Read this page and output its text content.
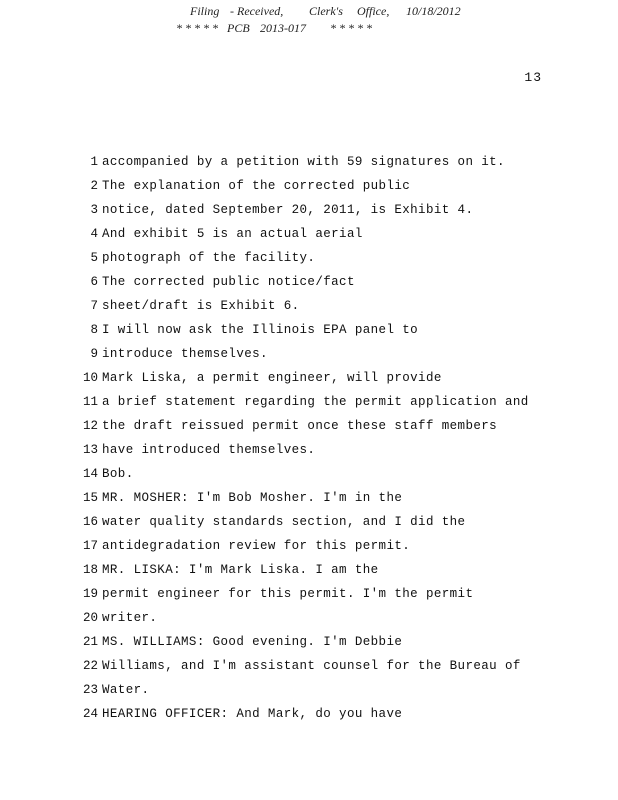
Filing - Received, Clerk's Office, 10/18/2012
* * * * * PCB 2013-017 * * * * *
13
1 accompanied by a petition with 59 signatures on it.
2 The explanation of the corrected public
3 notice, dated September 20, 2011, is Exhibit 4.
4 And exhibit 5 is an actual aerial
5 photograph of the facility.
6 The corrected public notice/fact
7 sheet/draft is Exhibit 6.
8 I will now ask the Illinois EPA panel to
9 introduce themselves.
10 Mark Liska, a permit engineer, will provide
11 a brief statement regarding the permit application and
12 the draft reissued permit once these staff members
13 have introduced themselves.
14 Bob.
15 MR. MOSHER: I'm Bob Mosher. I'm in the
16 water quality standards section, and I did the
17 antidegradation review for this permit.
18 MR. LISKA: I'm Mark Liska. I am the
19 permit engineer for this permit. I'm the permit
20 writer.
21 MS. WILLIAMS: Good evening. I'm Debbie
22 Williams, and I'm assistant counsel for the Bureau of
23 Water.
24 HEARING OFFICER: And Mark, do you have
